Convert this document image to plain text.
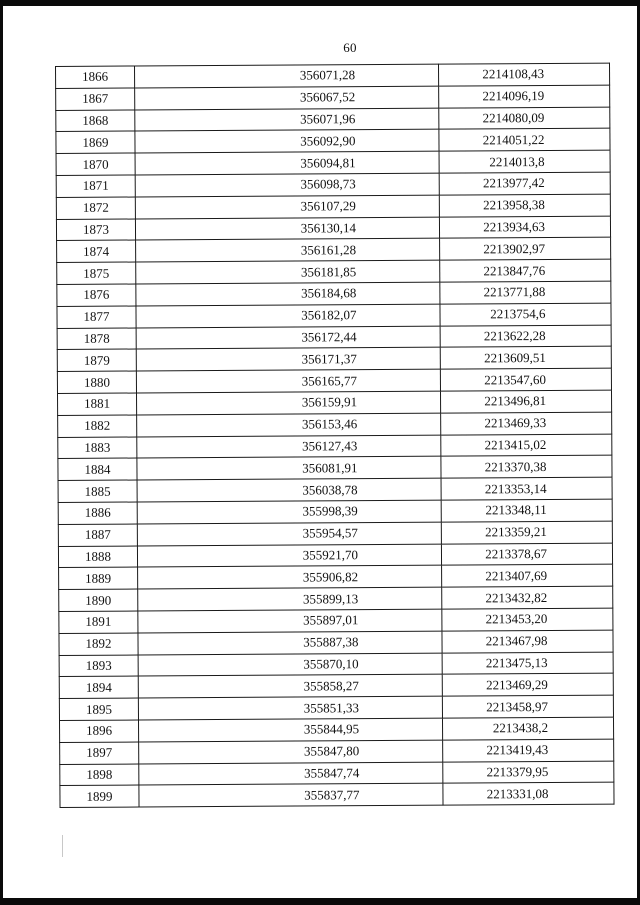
60
1866	356071,28	2214108,43
1867	356067,52	2214096,19
1868	356071,96	2214080,09
1869	356092,90	2214051,22
1870	356094,81	2214013,8
1871	356098,73	2213977,42
1872	356107,29	2213958,38
1873	356130,14	2213934,63
1874	356161,28	2213902,97
1875	356181,85	2213847,76
1876	356184,68	2213771,88
1877	356182,07	2213754,6
1878	356172,44	2213622,28
1879	356171,37	2213609,51
1880	356165,77	2213547,60
1881	356159,91	2213496,81
1882	356153,46	2213469,33
1883	356127,43	2213415,02
1884	356081,91	2213370,38
1885	356038,78	2213353,14
1886	355998,39	2213348,11
1887	355954,57	2213359,21
1888	355921,70	2213378,67
1889	355906,82	2213407,69
1890	355899,13	2213432,82
1891	355897,01	2213453,20
1892	355887,38	2213467,98
1893	355870,10	2213475,13
1894	355858,27	2213469,29
1895	355851,33	2213458,97
1896	355844,95	2213438,2
1897	355847,80	2213419,43
1898	355847,74	2213379,95
1899	355837,77	2213331,08
